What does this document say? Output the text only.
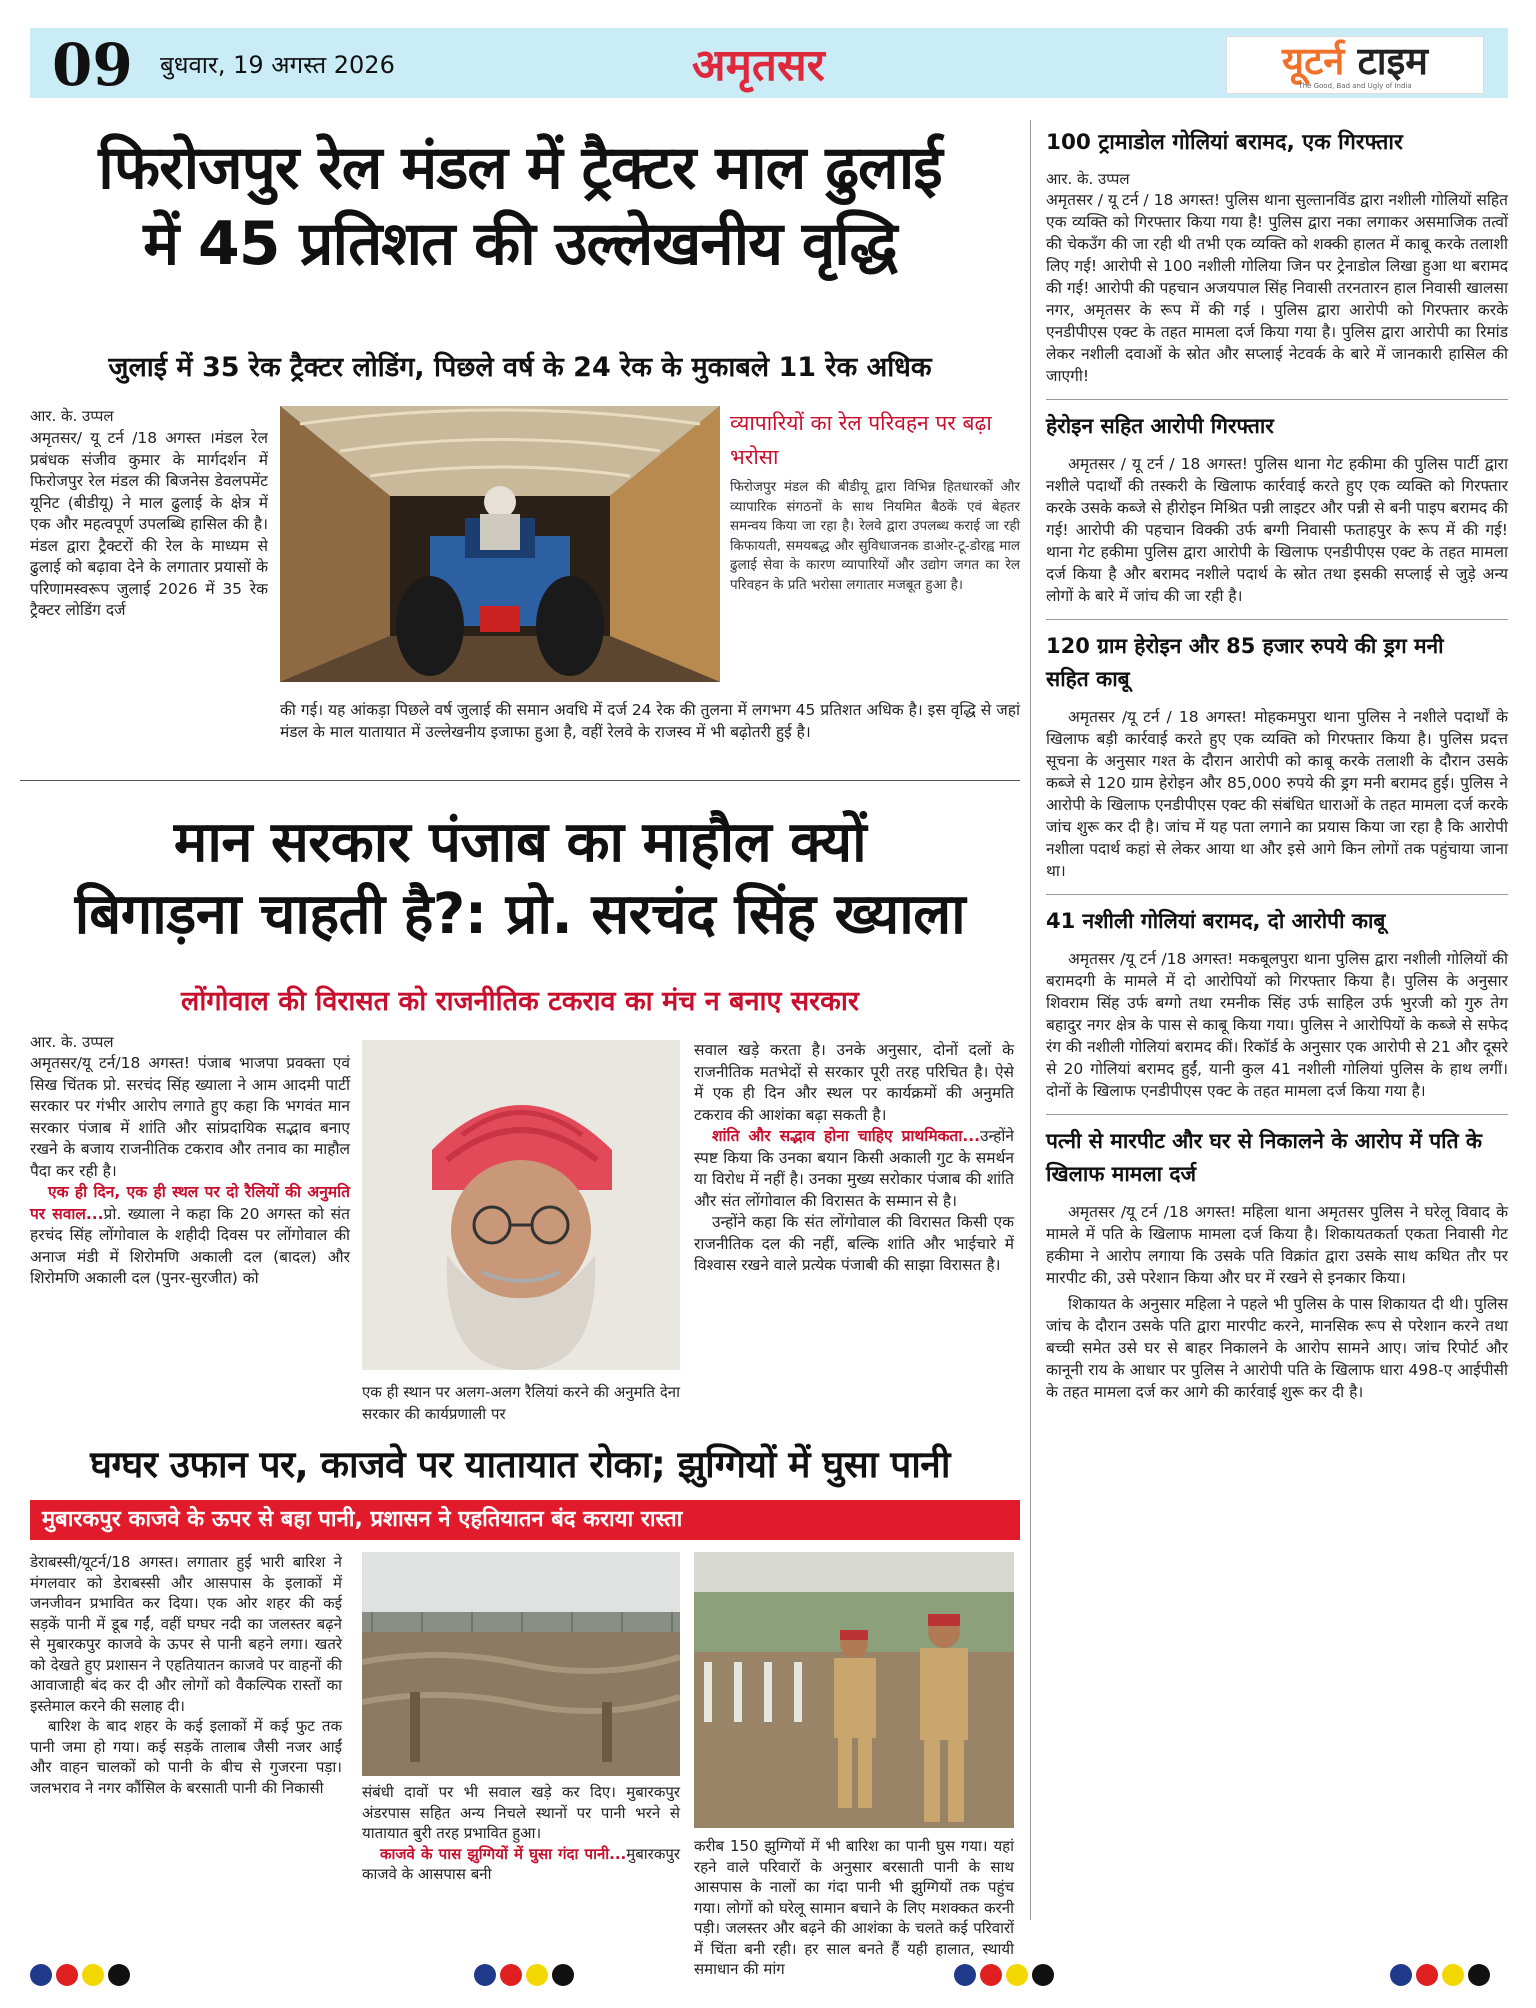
09 बुधवार, 19 अगस्त 2026	अमृतसर	यूटर्न टाइम
The Good, Bad and Ugly of India
फिरोजपुर रेल मंडल में ट्रैक्टर माल ढुलाई
में 45 प्रतिशत की उल्लेखनीय वृद्धि
जुलाई में 35 रेक ट्रैक्टर लोडिंग, पिछले वर्ष के 24 रेक के मुकाबले 11 रेक अधिक
आर. के. उप्पल
अमृतसर/ यू टर्न /18 अगस्त ।मंडल रेल प्रबंधक संजीव कुमार के मार्गदर्शन में फिरोजपुर रेल मंडल की बिजनेस डेवलपमेंट यूनिट (बीडीयू) ने माल ढुलाई के क्षेत्र में एक और महत्वपूर्ण उपलब्धि हासिल की है। मंडल द्वारा ट्रैक्टरों की रेल के माध्यम से ढुलाई को बढ़ावा देने के लगातार प्रयासों के परिणामस्वरूप जुलाई 2026 में 35 रेक ट्रैक्टर लोडिंग दर्ज
व्यापारियों का रेल परिवहन पर बढ़ा भरोसा
फिरोजपुर मंडल की बीडीयू द्वारा विभिन्न हितधारकों और व्यापारिक संगठनों के साथ नियमित बैठकें एवं बेहतर समन्वय किया जा रहा है। रेलवे द्वारा उपलब्ध कराई जा रही किफायती, समयबद्ध और सुविधाजनक डाओर-टू-डोरह्व माल ढुलाई सेवा के कारण व्यापारियों और उद्योग जगत का रेल परिवहन के प्रति भरोसा लगातार मजबूत हुआ है।
की गई। यह आंकड़ा पिछले वर्ष जुलाई की समान अवधि में दर्ज 24 रेक की तुलना में लगभग 45 प्रतिशत अधिक है। इस वृद्धि से जहां मंडल के माल यातायात में उल्लेखनीय इजाफा हुआ है, वहीं रेलवे के राजस्व में भी बढ़ोतरी हुई है।
मान सरकार पंजाब का माहौल क्यों
बिगाड़ना चाहती है?: प्रो. सरचंद सिंह ख्याला
लोंगोवाल की विरासत को राजनीतिक टकराव का मंच न बनाए सरकार
आर. के. उप्पल

अमृतसर/यू टर्न/18 अगस्त! पंजाब भाजपा प्रवक्ता एवं सिख चिंतक प्रो. सरचंद सिंह ख्याला ने आम आदमी पार्टी सरकार पर गंभीर आरोप लगाते हुए कहा कि भगवंत मान सरकार पंजाब में शांति और सांप्रदायिक सद्भाव बनाए रखने के बजाय राजनीतिक टकराव और तनाव का माहौल पैदा कर रही है।

एक ही दिन, एक ही स्थल पर दो रैलियों की अनुमति पर सवाल...प्रो. ख्याला ने कहा कि 20 अगस्त को संत हरचंद सिंह लोंगोवाल के शहीदी दिवस पर लोंगोवाल की अनाज मंडी में शिरोमणि अकाली दल (बादल) और शिरोमणि अकाली दल (पुनर-सुरजीत) को

एक ही स्थान पर अलग-अलग रैलियां करने की अनुमति देना सरकार की कार्यप्रणाली पर

सवाल खड़े करता है। उनके अनुसार, दोनों दलों के राजनीतिक मतभेदों से सरकार पूरी तरह परिचित है। ऐसे में एक ही दिन और स्थल पर कार्यक्रमों की अनुमति टकराव की आशंका बढ़ा सकती है।

शांति और सद्भाव होना चाहिए प्राथमिकता...उन्होंने स्पष्ट किया कि उनका बयान किसी अकाली गुट के समर्थन या विरोध में नहीं है। उनका मुख्य सरोकार पंजाब की शांति और संत लोंगोवाल की विरासत के सम्मान से है।

उन्होंने कहा कि संत लोंगोवाल की विरासत किसी एक राजनीतिक दल की नहीं, बल्कि शांति और भाईचारे में विश्वास रखने वाले प्रत्येक पंजाबी की साझा विरासत है।

घग्घर उफान पर, काजवे पर यातायात रोका; झुग्गियों में घुसा पानी
मुबारकपुर काजवे के ऊपर से बहा पानी, प्रशासन ने एहतियातन बंद कराया रास्ता

डेराबस्सी/यूटर्न/18 अगस्त। लगातार हुई भारी बारिश ने मंगलवार को डेराबस्सी और आसपास के इलाकों में जनजीवन प्रभावित कर दिया। एक ओर शहर की कई सड़कें पानी में डूब गईं, वहीं घग्घर नदी का जलस्तर बढ़ने से मुबारकपुर काजवे के ऊपर से पानी बहने लगा। खतरे को देखते हुए प्रशासन ने एहतियातन काजवे पर वाहनों की आवाजाही बंद कर दी और लोगों को वैकल्पिक रास्तों का इस्तेमाल करने की सलाह दी।

बारिश के बाद शहर के कई इलाकों में कई फुट तक पानी जमा हो गया। कई सड़कें तालाब जैसी नजर आईं और वाहन चालकों को पानी के बीच से गुजरना पड़ा। जलभराव ने नगर कौंसिल के बरसाती पानी की निकासी	संबंधी दावों पर भी सवाल खड़े कर दिए। मुबारकपुर अंडरपास सहित अन्य निचले स्थानों पर पानी भरने से यातायात बुरी तरह प्रभावित हुआ।

काजवे के पास झुग्गियों में घुसा गंदा पानी...मुबारकपुर काजवे के आसपास बनी

करीब 150 झुग्गियों में भी बारिश का पानी घुस गया। यहां रहने वाले परिवारों के अनुसार बरसाती पानी के साथ आसपास के नालों का गंदा पानी भी झुग्गियों तक पहुंच गया। लोगों को घरेलू सामान बचाने के लिए मशक्कत करनी पड़ी। जलस्तर और बढ़ने की आशंका के चलते कई परिवारों में चिंता बनी रही। हर साल बनते हैं यही हालात, स्थायी समाधान की मांग
100 ट्रामाडोल गोलियां बरामद, एक गिरफ्तार
आर. के. उप्पल
अमृतसर / यू टर्न / 18 अगस्त! पुलिस थाना सुल्तानविंड द्वारा नशीली गोलियों सहित एक व्यक्ति को गिरफ्तार किया गया है! पुलिस द्वारा नका लगाकर असमाजिक तत्वों की चेकउँग की जा रही थी तभी एक व्यक्ति को शक्की हालत में काबू करके तलाशी लिए गई! आरोपी से 100 नशीली गोलिया जिन पर ट्रेनाडोल लिखा हुआ था बरामद की गई! आरोपी की पहचान अजयपाल सिंह निवासी तरनतारन हाल निवासी खालसा नगर, अमृतसर के रूप में की गई । पुलिस द्वारा आरोपी को गिरफ्तार करके एनडीपीएस एक्ट के तहत मामला दर्ज किया गया है। पुलिस द्वारा आरोपी का रिमांड लेकर नशीली दवाओं के स्रोत और सप्लाई नेटवर्क के बारे में जानकारी हासिल की जाएगी!
हेरोइन सहित आरोपी गिरफ्तार
अमृतसर / यू टर्न / 18 अगस्त! पुलिस थाना गेट हकीमा की पुलिस पार्टी द्वारा नशीले पदार्थों की तस्करी के खिलाफ कार्रवाई करते हुए एक व्यक्ति को गिरफ्तार करके उसके कब्जे से हीरोइन मिश्रित पन्नी लाइटर और पन्नी से बनी पाइप बरामद की गई! आरोपी की पहचान विक्की उर्फ बग्गी निवासी फताहपुर के रूप में की गई! थाना गेट हकीमा पुलिस द्वारा आरोपी के खिलाफ एनडीपीएस एक्ट के तहत मामला दर्ज किया है और बरामद नशीले पदार्थ के स्रोत तथा इसकी सप्लाई से जुड़े अन्य लोगों के बारे में जांच की जा रही है।
120 ग्राम हेरोइन और 85 हजार रुपये की ड्रग मनी सहित काबू
अमृतसर /यू टर्न / 18 अगस्त! मोहकमपुरा थाना पुलिस ने नशीले पदार्थों के खिलाफ बड़ी कार्रवाई करते हुए एक व्यक्ति को गिरफ्तार किया है। पुलिस प्रदत्त सूचना के अनुसार गश्त के दौरान आरोपी को काबू करके तलाशी के दौरान उसके कब्जे से 120 ग्राम हेरोइन और 85,000 रुपये की ड्रग मनी बरामद हुई। पुलिस ने आरोपी के खिलाफ एनडीपीएस एक्ट की संबंधित धाराओं के तहत मामला दर्ज करके जांच शुरू कर दी है। जांच में यह पता लगाने का प्रयास किया जा रहा है कि आरोपी नशीला पदार्थ कहां से लेकर आया था और इसे आगे किन लोगों तक पहुंचाया जाना था।
41 नशीली गोलियां बरामद, दो आरोपी काबू
अमृतसर /यू टर्न /18 अगस्त! मकबूलपुरा थाना पुलिस द्वारा नशीली गोलियों की बरामदगी के मामले में दो आरोपियों को गिरफ्तार किया है। पुलिस के अनुसार शिवराम सिंह उर्फ बग्गो तथा रमनीक सिंह उर्फ साहिल उर्फ भुरजी को गुरु तेग बहादुर नगर क्षेत्र के पास से काबू किया गया। पुलिस ने आरोपियों के कब्जे से सफेद रंग की नशीली गोलियां बरामद कीं। रिकॉर्ड के अनुसार एक आरोपी से 21 और दूसरे से 20 गोलियां बरामद हुईं, यानी कुल 41 नशीली गोलियां पुलिस के हाथ लगीं। दोनों के खिलाफ एनडीपीएस एक्ट के तहत मामला दर्ज किया गया है।
पत्नी से मारपीट और घर से निकालने के आरोप में पति के खिलाफ मामला दर्ज
अमृतसर /यू टर्न /18 अगस्त! महिला थाना अमृतसर पुलिस ने घरेलू विवाद के मामले में पति के खिलाफ मामला दर्ज किया है। शिकायतकर्ता एकता निवासी गेट हकीमा ने आरोप लगाया कि उसके पति विक्रांत द्वारा उसके साथ कथित तौर पर मारपीट की, उसे परेशान किया और घर में रखने से इनकार किया।
शिकायत के अनुसार महिला ने पहले भी पुलिस के पास शिकायत दी थी। पुलिस जांच के दौरान उसके पति द्वारा मारपीट करने, मानसिक रूप से परेशान करने तथा बच्ची समेत उसे घर से बाहर निकालने के आरोप सामने आए। जांच रिपोर्ट और कानूनी राय के आधार पर पुलिस ने आरोपी पति के खिलाफ धारा 498-ए आईपीसी के तहत मामला दर्ज कर आगे की कार्रवाई शुरू कर दी है।
